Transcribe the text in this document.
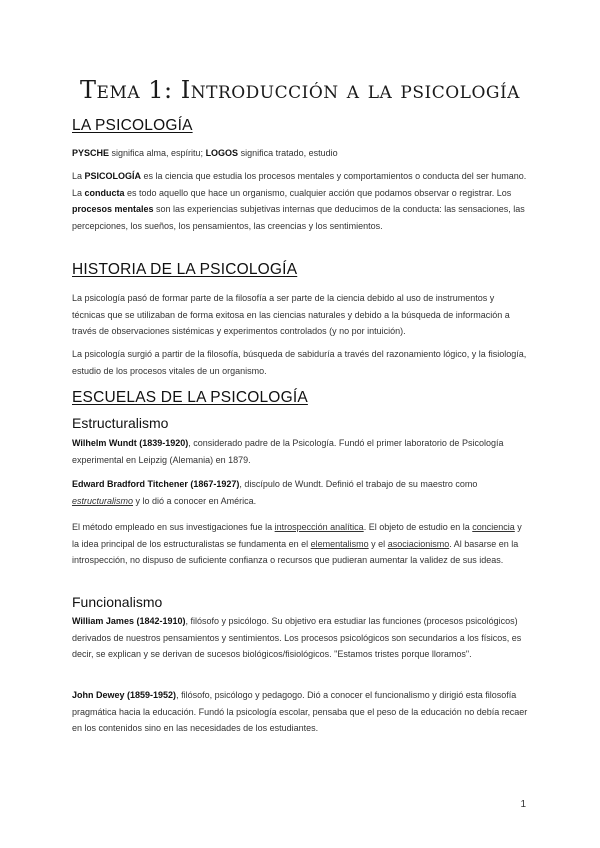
Tema 1: Introducción a la psicología
LA PSICOLOGÍA

PYSCHE significa alma, espíritu; LOGOS significa tratado, estudio

La PSICOLOGÍA es la ciencia que estudia los procesos mentales y comportamientos o conducta del ser humano. La conducta es todo aquello que hace un organismo, cualquier acción que podamos observar o registrar. Los procesos mentales son las experiencias subjetivas internas que deducimos de la conducta: las sensaciones, las percepciones, los sueños, los pensamientos, las creencias y los sentimientos.

HISTORIA DE LA PSICOLOGÍA

La psicología pasó de formar parte de la filosofía a ser parte de la ciencia debido al uso de instrumentos y técnicas que se utilizaban de forma exitosa en las ciencias naturales y debido a la búsqueda de información a través de observaciones sistémicas y experimentos controlados (y no por intuición).

La psicología surgió a partir de la filosofía, búsqueda de sabiduría a través del razonamiento lógico, y la fisiología, estudio de los procesos vitales de un organismo.

ESCUELAS DE LA PSICOLOGÍA
Estructuralismo

Wilhelm Wundt (1839-1920), considerado padre de la Psicología. Fundó el primer laboratorio de Psicología experimental en Leipzig (Alemania) en 1879.

Edward Bradford Titchener (1867-1927), discípulo de Wundt. Definió el trabajo de su maestro como estructuralismo y lo dió a conocer en América.

El método empleado en sus investigaciones fue la introspección analítica. El objeto de estudio en la conciencia y la idea principal de los estructuralistas se fundamenta en el elementalismo y el asociacionismo. Al basarse en la introspección, no dispuso de suficiente confianza o recursos que pudieran aumentar la validez de sus ideas.

Funcionalismo

William James (1842-1910), filósofo y psicólogo. Su objetivo era estudiar las funciones (procesos psicológicos) derivados de nuestros pensamientos y sentimientos. Los procesos psicológicos son secundarios a los físicos, es decir, se explican y se derivan de sucesos biológicos/fisiológicos. "Estamos tristes porque lloramos".

John Dewey (1859-1952), filósofo, psicólogo y pedagogo. Dió a conocer el funcionalismo y dirigió esta filosofía pragmática hacia la educación. Fundó la psicología escolar, pensaba que el peso de la educación no debía recaer en los contenidos sino en las necesidades de los estudiantes.

1
